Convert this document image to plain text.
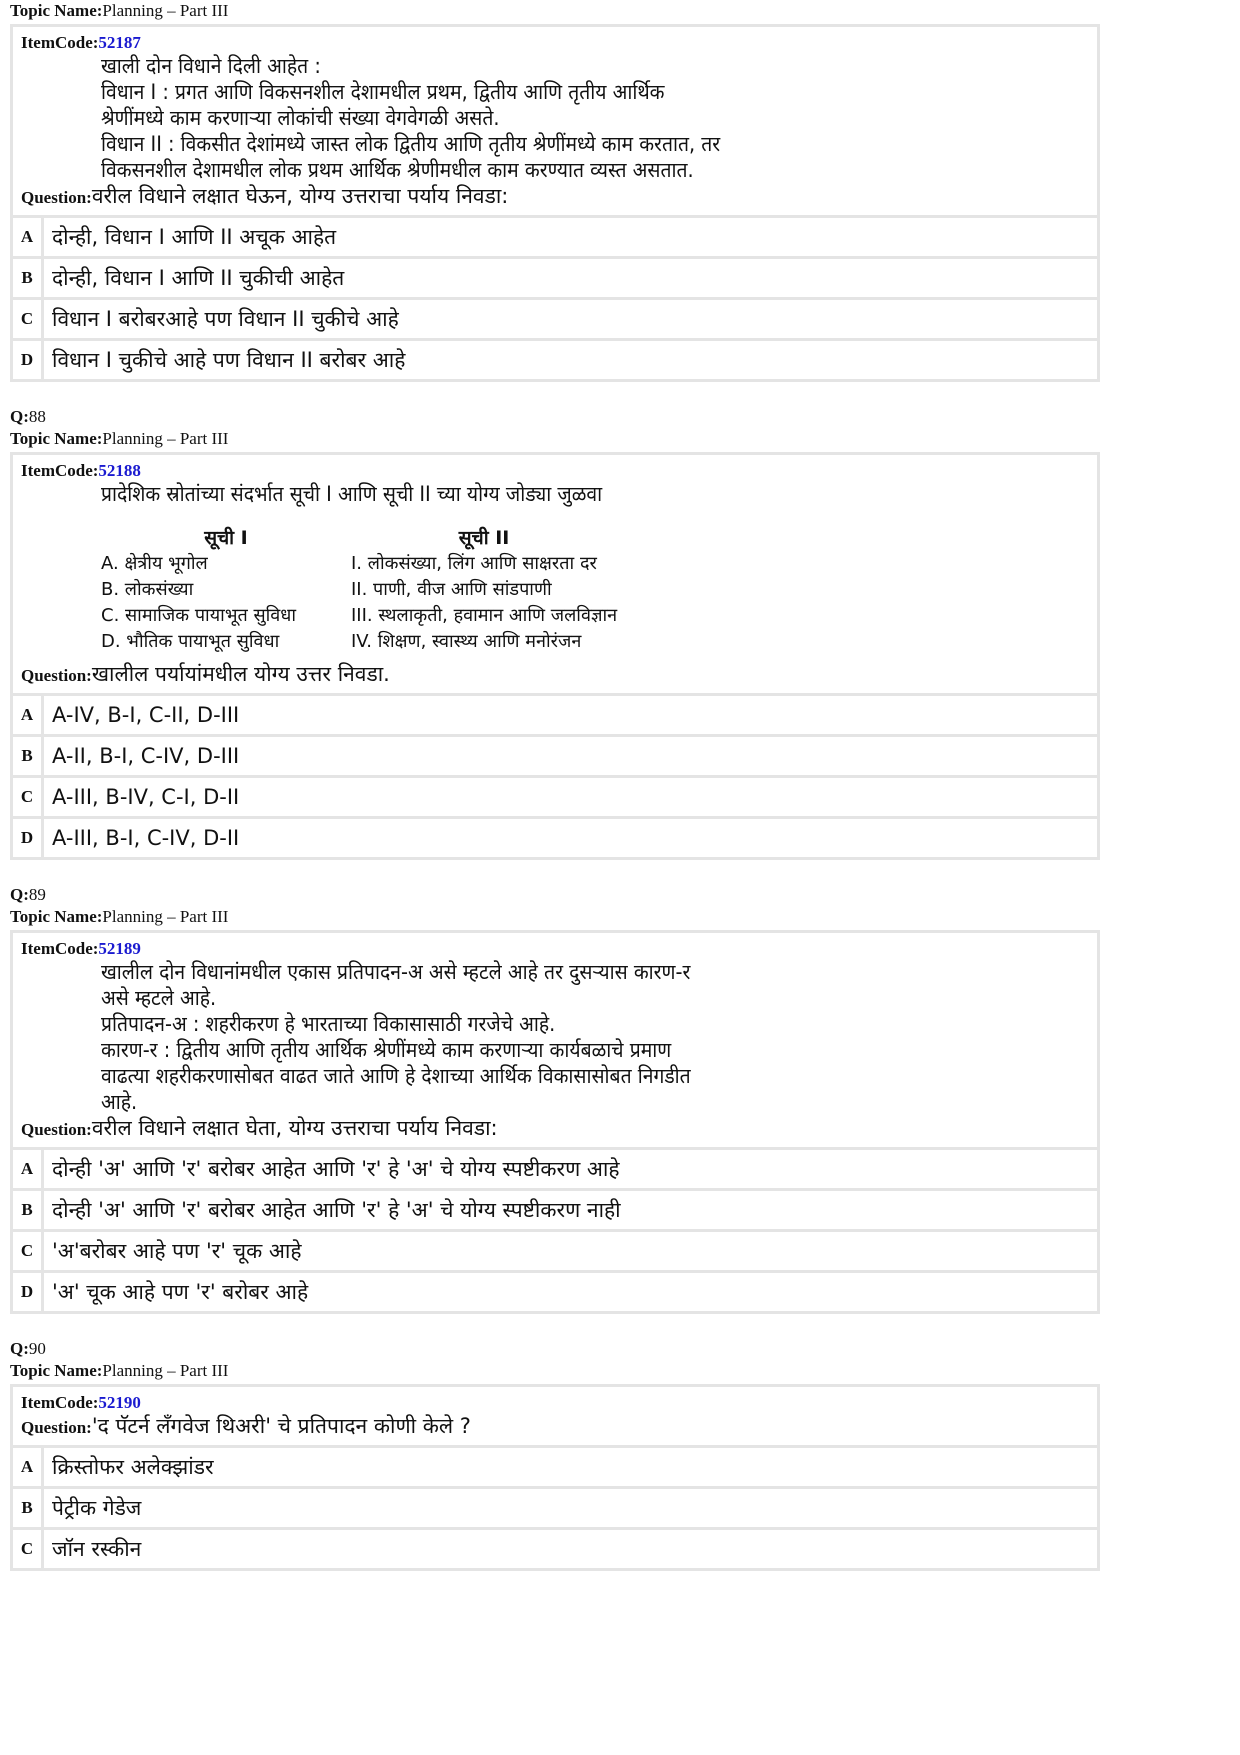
Topic Name:Planning – Part III
ItemCode:52187
खाली दोन विधाने दिली आहेत :
विधान I : प्रगत आणि विकसनशील देशामधील प्रथम, द्वितीय आणि तृतीय आर्थिक
श्रेणींमध्ये काम करणाऱ्या लोकांची संख्या वेगवेगळी असते.
विधान II : विकसीत देशांमध्ये जास्त लोक द्वितीय आणि तृतीय श्रेणींमध्ये काम करतात, तर
विकसनशील देशामधील लोक प्रथम आर्थिक श्रेणीमधील काम करण्यात व्यस्त असतात.
Question:वरील विधाने लक्षात घेऊन, योग्य उत्तराचा पर्याय निवडा:
A दोन्ही, विधान I आणि II अचूक आहेत
B दोन्ही, विधान I आणि II चुकीची आहेत
C विधान I बरोबरआहे पण विधान II चुकीचे आहे
D विधान I चुकीचे आहे पण विधान II बरोबर आहे
Q:88
Topic Name:Planning – Part III
ItemCode:52188
प्रादेशिक स्रोतांच्या संदर्भात सूची I आणि सूची II च्या योग्य जोड्या जुळवा
सूची I	सूची II
A. क्षेत्रीय भूगोल	I. लोकसंख्या, लिंग आणि साक्षरता दर
B. लोकसंख्या	II. पाणी, वीज आणि सांडपाणी
C. सामाजिक पायाभूत सुविधा	III. स्थलाकृती, हवामान आणि जलविज्ञान
D. भौतिक पायाभूत सुविधा	IV. शिक्षण, स्वास्थ्य आणि मनोरंजन
Question:खालील पर्यायांमधील योग्य उत्तर निवडा.
A A-IV, B-I, C-II, D-III
B A-II, B-I, C-IV, D-III
C A-III, B-IV, C-I, D-II
D A-III, B-I, C-IV, D-II
Q:89
Topic Name:Planning – Part III
ItemCode:52189
खालील दोन विधानांमधील एकास प्रतिपादन-अ असे म्हटले आहे तर दुसऱ्यास कारण-र
असे म्हटले आहे.
प्रतिपादन-अ : शहरीकरण हे भारताच्या विकासासाठी गरजेचे आहे.
कारण-र : द्वितीय आणि तृतीय आर्थिक श्रेणींमध्ये काम करणाऱ्या कार्यबळाचे प्रमाण
वाढत्या शहरीकरणासोबत वाढत जाते आणि हे देशाच्या आर्थिक विकासासोबत निगडीत
आहे.
Question:वरील विधाने लक्षात घेता, योग्य उत्तराचा पर्याय निवडा:
A दोन्ही 'अ' आणि 'र' बरोबर आहेत आणि 'र' हे 'अ' चे योग्य स्पष्टीकरण आहे
B दोन्ही 'अ' आणि 'र' बरोबर आहेत आणि 'र' हे 'अ' चे योग्य स्पष्टीकरण नाही
C 'अ'बरोबर आहे पण 'र' चूक आहे
D 'अ' चूक आहे पण 'र' बरोबर आहे
Q:90
Topic Name:Planning – Part III
ItemCode:52190
Question:'द पॅटर्न लँगवेज थिअरी' चे प्रतिपादन कोणी केले ?
A क्रिस्तोफर अलेक्झांडर
B पेट्रीक गेडेज
C जॉन रस्कीन
